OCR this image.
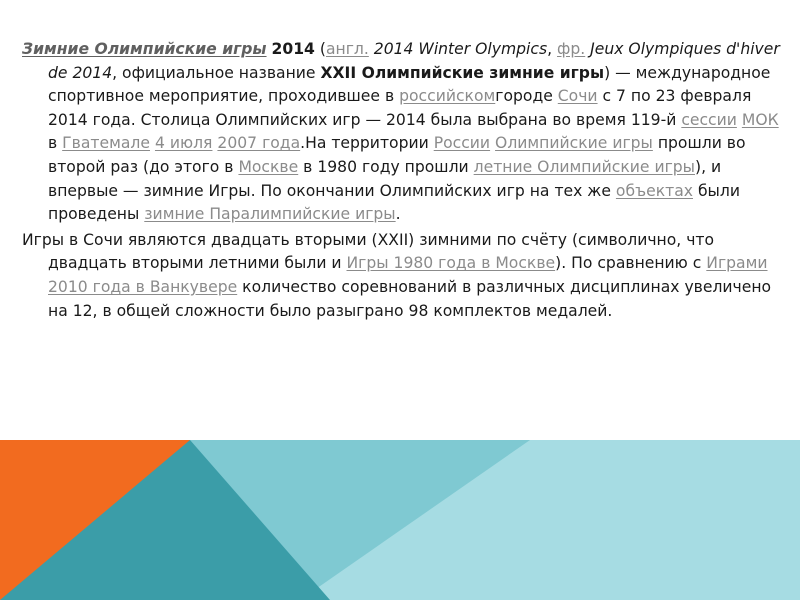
Зимние Олимпийские игры 2014 (англ. 2014 Winter Olympics, фр. Jeux Olympiques d'hiver de 2014, официальное название XXII Олимпийские зимние игры) — международное спортивное мероприятие, проходившее в российскомгороде Сочи с 7 по 23 февраля 2014 года. Столица Олимпийских игр — 2014 была выбрана во время 119-й сессии МОК в Гватемале 4 июля 2007 года.На территории России Олимпийские игры прошли во второй раз (до этого в Москве в 1980 году прошли летние Олимпийские игры), и впервые — зимние Игры. По окончании Олимпийских игр на тех же объектах были проведены зимние Паралимпийские игры.

Игры в Сочи являются двадцать вторыми (XXII) зимними по счёту (символично, что двадцать вторыми летними были и Игры 1980 года в Москве). По сравнению с Играми 2010 года в Ванкувере количество соревнований в различных дисциплинах увеличено на 12, в общей сложности было разыграно 98 комплектов медалей.
